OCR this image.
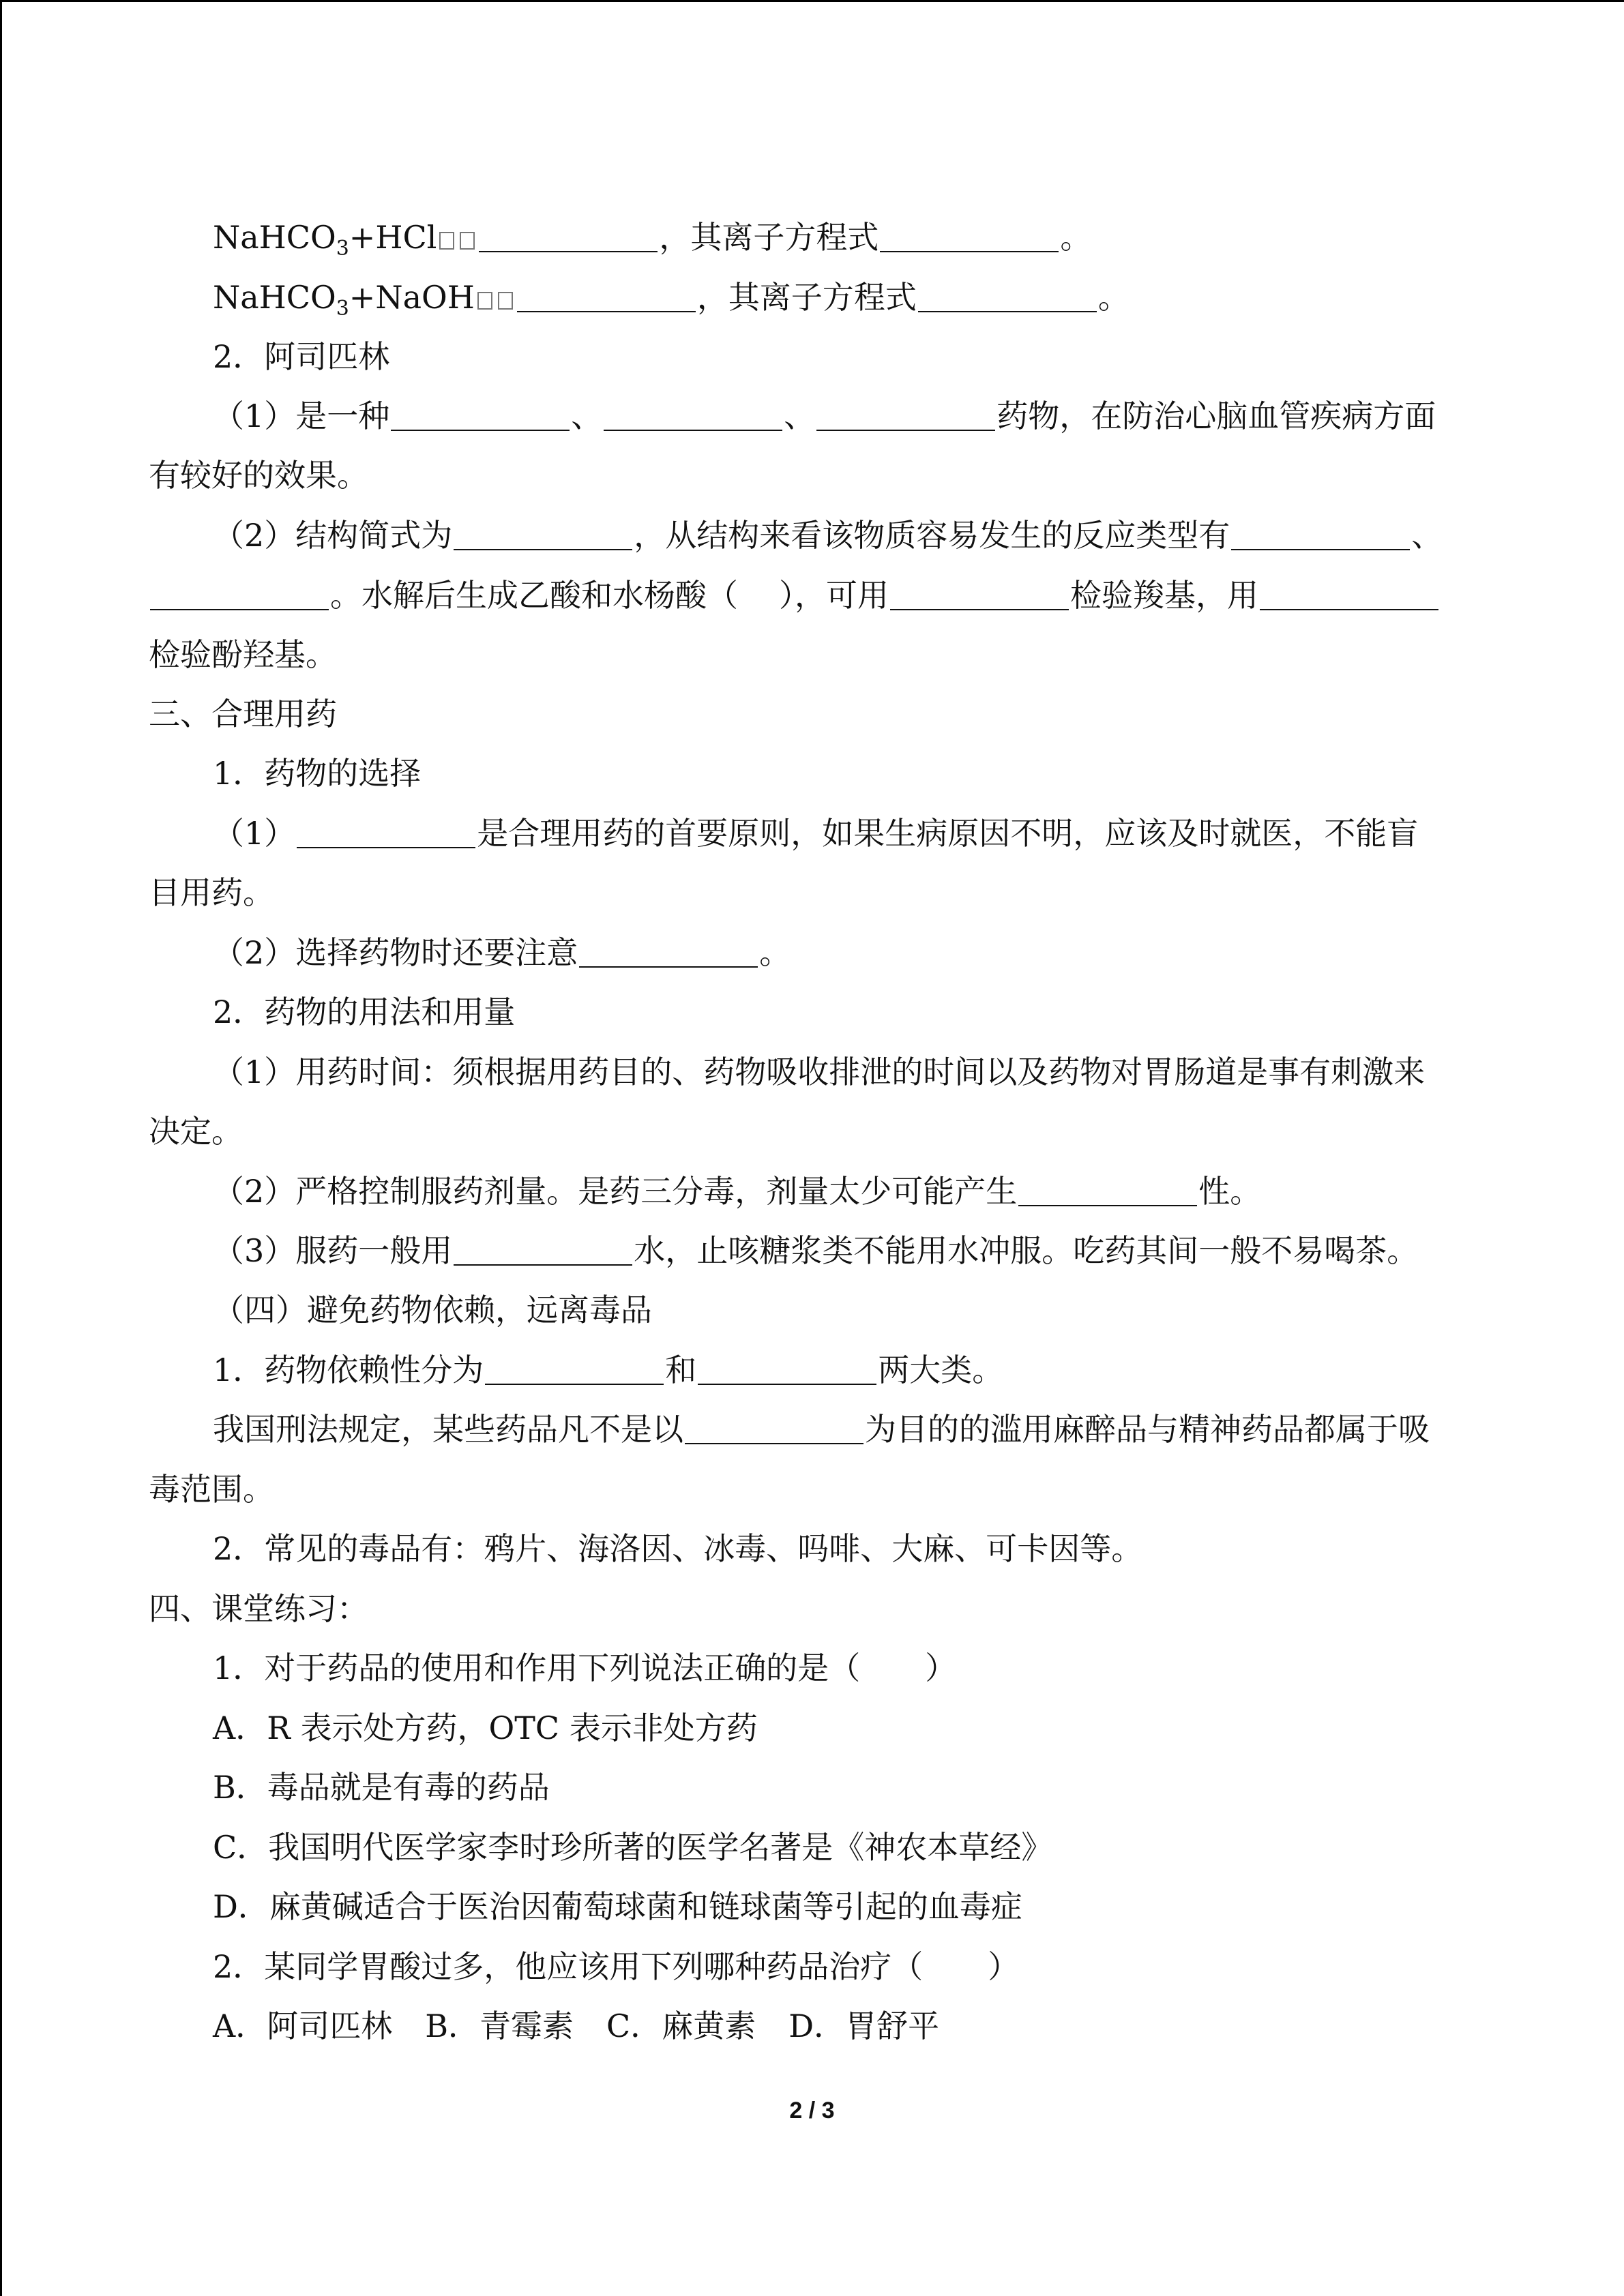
NaHCO$_3$+HCl	，其离子方程式	。
NaHCO$_3$+NaOH	，其离子方程式	。
2．阿司匹林
（1）是一种	、	、	药物，在防治心脑血管疾病方面
有较好的效果。
（2）结构简式为	，从结构来看该物质容易发生的反应类型有	、
。水解后生成乙酸和水杨酸（ ），可用	检验羧基，用
检验酚羟基。
三、合理用药
1．药物的选择
（1）	是合理用药的首要原则，如果生病原因不明，应该及时就医，不能盲
目用药。
（2）选择药物时还要注意	。
2．药物的用法和用量
（1）用药时间：须根据用药目的、药物吸收排泄的时间以及药物对胃肠道是事有刺激来
决定。
（2）严格控制服药剂量。是药三分毒，剂量太少可能产生	性。
（3）服药一般用	水，止咳糖浆类不能用水冲服。吃药其间一般不易喝茶。
（四）避免药物依赖，远离毒品
1．药物依赖性分为	和	两大类。
我国刑法规定，某些药品凡不是以	为目的的滥用麻醉品与精神药品都属于吸
毒范围。
2．常见的毒品有：鸦片、海洛因、冰毒、吗啡、大麻、可卡因等。
四、课堂练习：
1．对于药品的使用和作用下列说法正确的是（ ）
A．R 表示处方药，OTC 表示非处方药
B．毒品就是有毒的药品
C．我国明代医学家李时珍所著的医学名著是《神农本草经》
D．麻黄碱适合于医治因葡萄球菌和链球菌等引起的血毒症
2．某同学胃酸过多，他应该用下列哪种药品治疗（ ）
A．阿司匹林 B．青霉素 C．麻黄素 D．胃舒平
2 / 3
